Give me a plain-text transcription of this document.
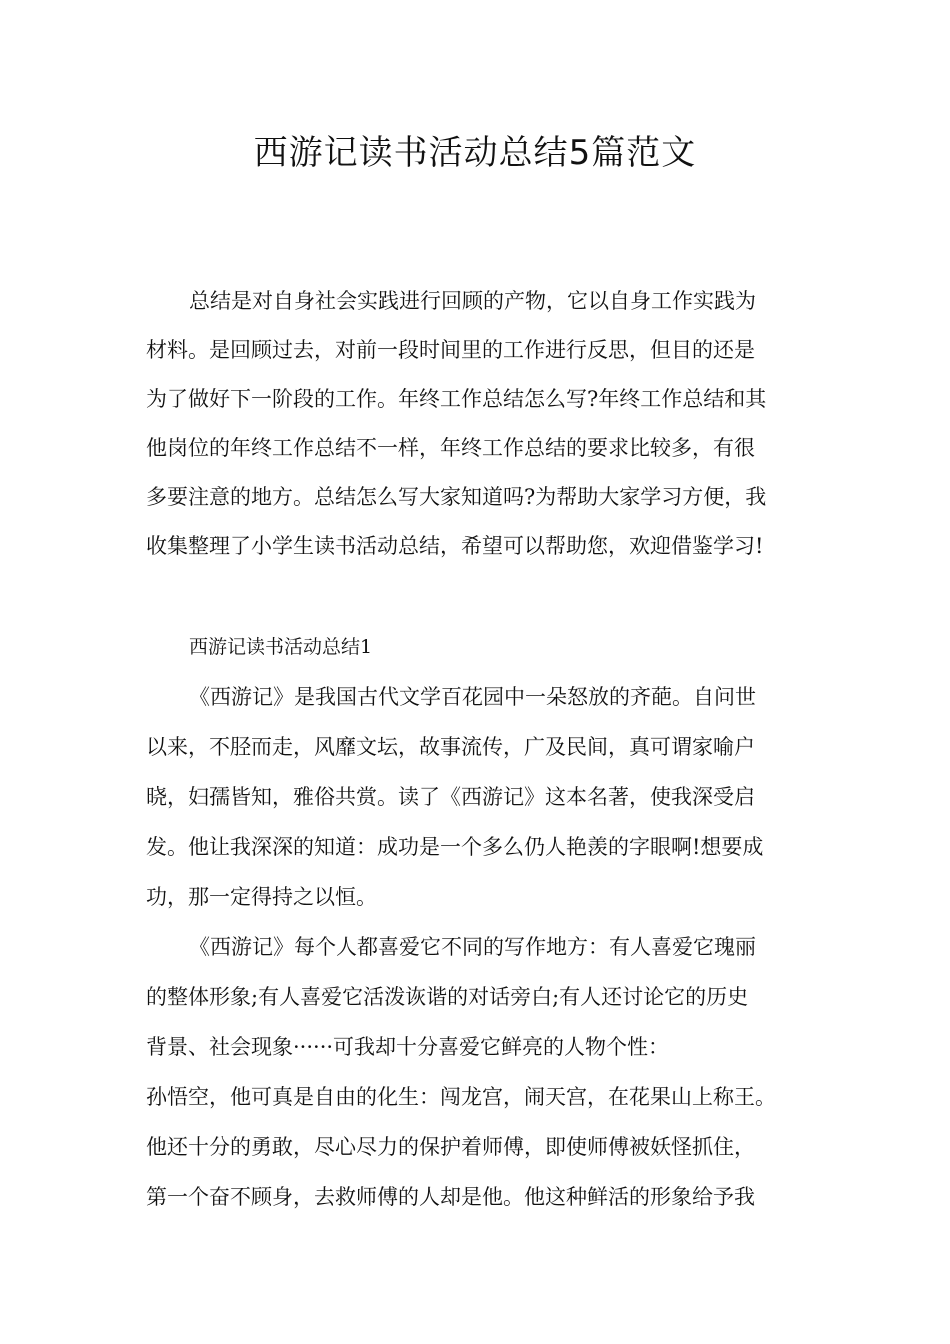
西游记读书活动总结5篇范文

总结是对自身社会实践进行回顾的产物，它以自身工作实践为

材料。是回顾过去，对前一段时间里的工作进行反思，但目的还是

为了做好下一阶段的工作。年终工作总结怎么写?年终工作总结和其

他岗位的年终工作总结不一样，年终工作总结的要求比较多，有很

多要注意的地方。总结怎么写大家知道吗?为帮助大家学习方便，我

收集整理了小学生读书活动总结，希望可以帮助您，欢迎借鉴学习!

西游记读书活动总结1

《西游记》是我国古代文学百花园中一朵怒放的齐葩。自问世

以来，不胫而走，风靡文坛，故事流传，广及民间，真可谓家喻户

晓，妇孺皆知，雅俗共赏。读了《西游记》这本名著，使我深受启

发。他让我深深的知道：成功是一个多么仍人艳羡的字眼啊!想要成

功，那一定得持之以恒。

《西游记》每个人都喜爱它不同的写作地方：有人喜爱它瑰丽

的整体形象;有人喜爱它活泼诙谐的对话旁白;有人还讨论它的历史

背景、社会现象······可我却十分喜爱它鲜亮的人物个性：

孙悟空，他可真是自由的化生：闯龙宫，闹天宫，在花果山上称王。

他还十分的勇敢，尽心尽力的保护着师傅，即使师傅被妖怪抓住，

第一个奋不顾身，去救师傅的人却是他。他这种鲜活的形象给予我
